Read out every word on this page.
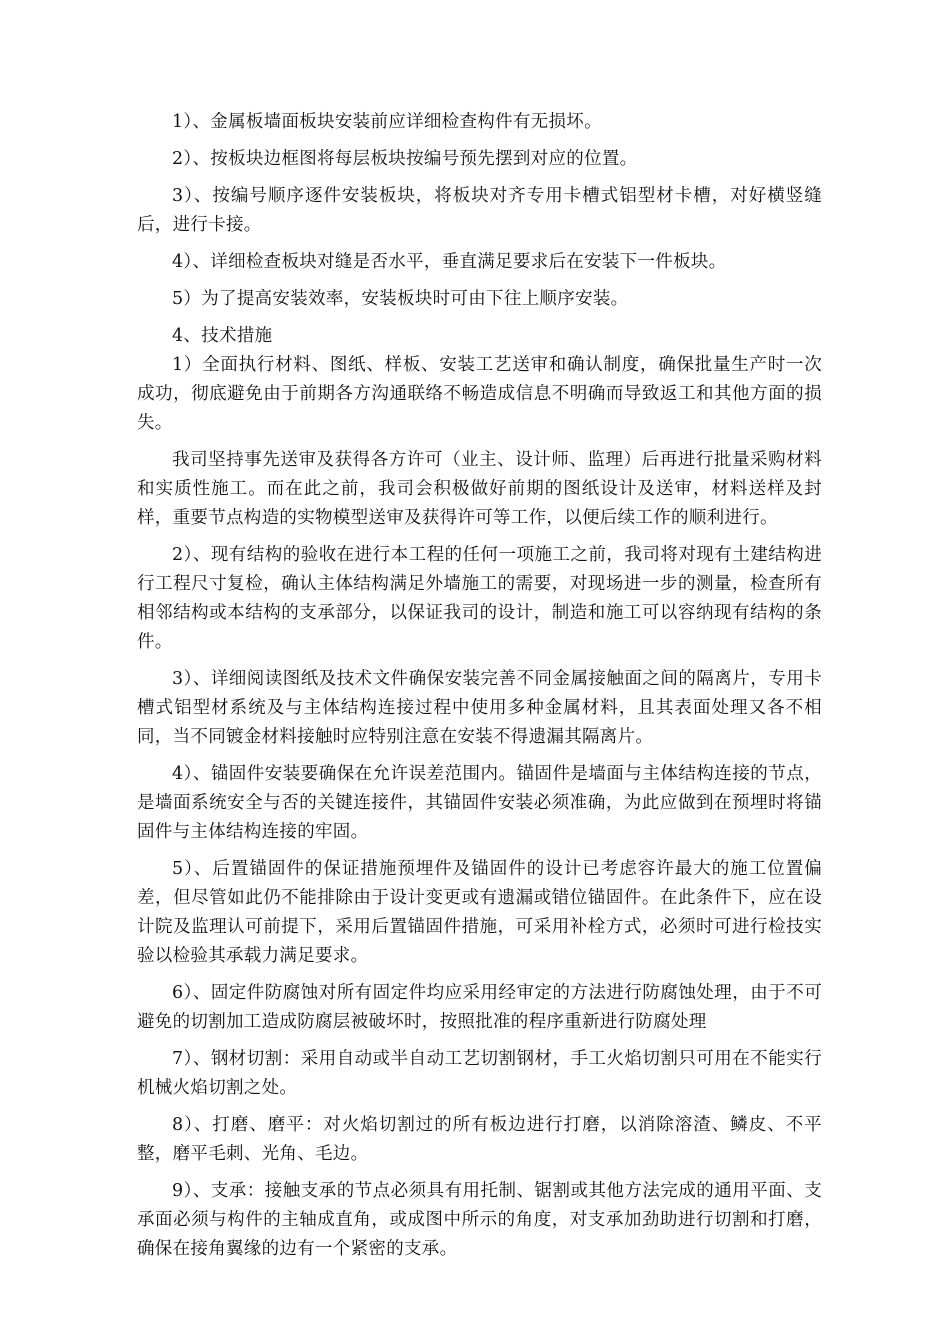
1）、金属板墙面板块安装前应详细检查构件有无损坏。

2）、按板块边框图将每层板块按编号预先摆到对应的位置。

3）、按编号顺序逐件安装板块，将板块对齐专用卡槽式铝型材卡槽，对好横竖缝后，进行卡接。

4）、详细检查板块对缝是否水平，垂直满足要求后在安装下一件板块。

5）为了提高安装效率，安装板块时可由下往上顺序安装。

4、技术措施

1）全面执行材料、图纸、样板、安装工艺送审和确认制度，确保批量生产时一次成功，彻底避免由于前期各方沟通联络不畅造成信息不明确而导致返工和其他方面的损失。

我司坚持事先送审及获得各方许可（业主、设计师、监理）后再进行批量采购材料和实质性施工。而在此之前，我司会积极做好前期的图纸设计及送审，材料送样及封样，重要节点构造的实物模型送审及获得许可等工作，以便后续工作的顺利进行。

2）、现有结构的验收在进行本工程的任何一项施工之前，我司将对现有土建结构进行工程尺寸复检，确认主体结构满足外墙施工的需要，对现场进一步的测量，检查所有相邻结构或本结构的支承部分，以保证我司的设计，制造和施工可以容纳现有结构的条件。

3）、详细阅读图纸及技术文件确保安装完善不同金属接触面之间的隔离片，专用卡槽式铝型材系统及与主体结构连接过程中使用多种金属材料，且其表面处理又各不相同，当不同镀金材料接触时应特别注意在安装不得遗漏其隔离片。

4）、锚固件安装要确保在允许误差范围内。锚固件是墙面与主体结构连接的节点，是墙面系统安全与否的关键连接件，其锚固件安装必须准确，为此应做到在预埋时将锚固件与主体结构连接的牢固。

5）、后置锚固件的保证措施预埋件及锚固件的设计已考虑容许最大的施工位置偏差，但尽管如此仍不能排除由于设计变更或有遗漏或错位锚固件。在此条件下，应在设计院及监理认可前提下，采用后置锚固件措施，可采用补栓方式，必须时可进行检技实验以检验其承载力满足要求。

6）、固定件防腐蚀对所有固定件均应采用经审定的方法进行防腐蚀处理，由于不可避免的切割加工造成防腐层被破坏时，按照批准的程序重新进行防腐处理

7）、钢材切割：采用自动或半自动工艺切割钢材，手工火焰切割只可用在不能实行机械火焰切割之处。

8）、打磨、磨平：对火焰切割过的所有板边进行打磨，以消除溶渣、鳞皮、不平整，磨平毛刺、光角、毛边。

9）、支承：接触支承的节点必须具有用托制、锯割或其他方法完成的通用平面、支承面必须与构件的主轴成直角，或成图中所示的角度，对支承加劲助进行切割和打磨，确保在接角翼缘的边有一个紧密的支承。
